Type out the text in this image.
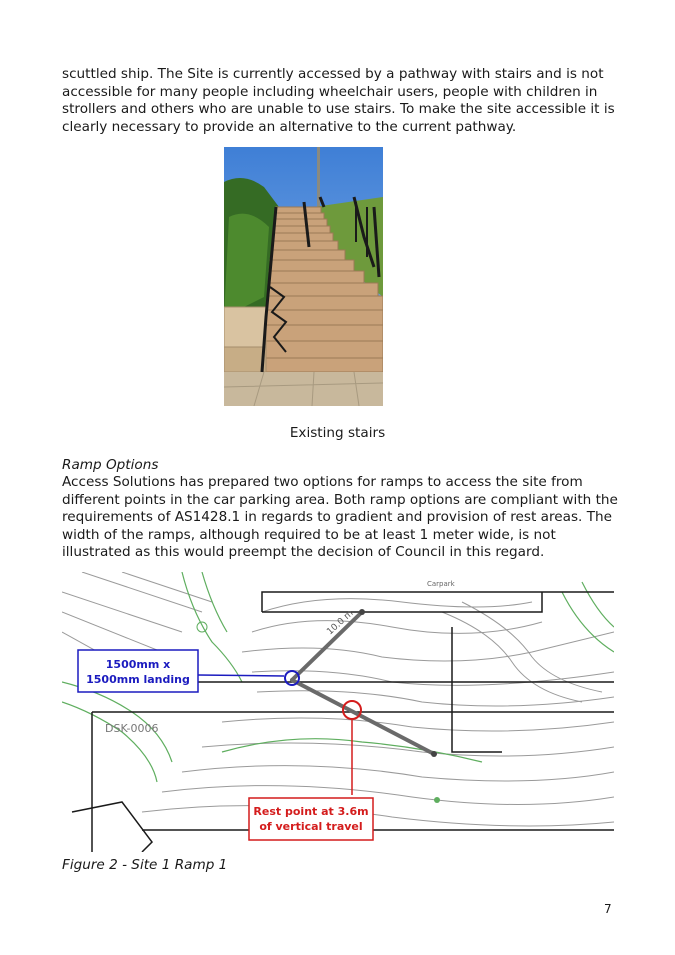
scuttled ship. The Site is currently accessed by a pathway with stairs and is not accessible for many people including wheelchair users, people with children in strollers and others who are unable to use stairs. To make the site accessible it is clearly necessary to provide an alternative to the current pathway.

Existing stairs
Ramp Options

Access Solutions has prepared two options for ramps to access the site from different points in the car parking area. Both ramp options are compliant with the requirements of AS1428.1 in regards to gradient and provision of rest areas. The width of the ramps, although required to be at least 1 meter wide, is not illustrated as this would preempt the decision of Council in this regard.

10.0 m
DSK-0006
Carpark
1500mm x
1500mm landing
Rest point at 3.6m
of vertical travel
Figure 2 - Site 1 Ramp 1
7
